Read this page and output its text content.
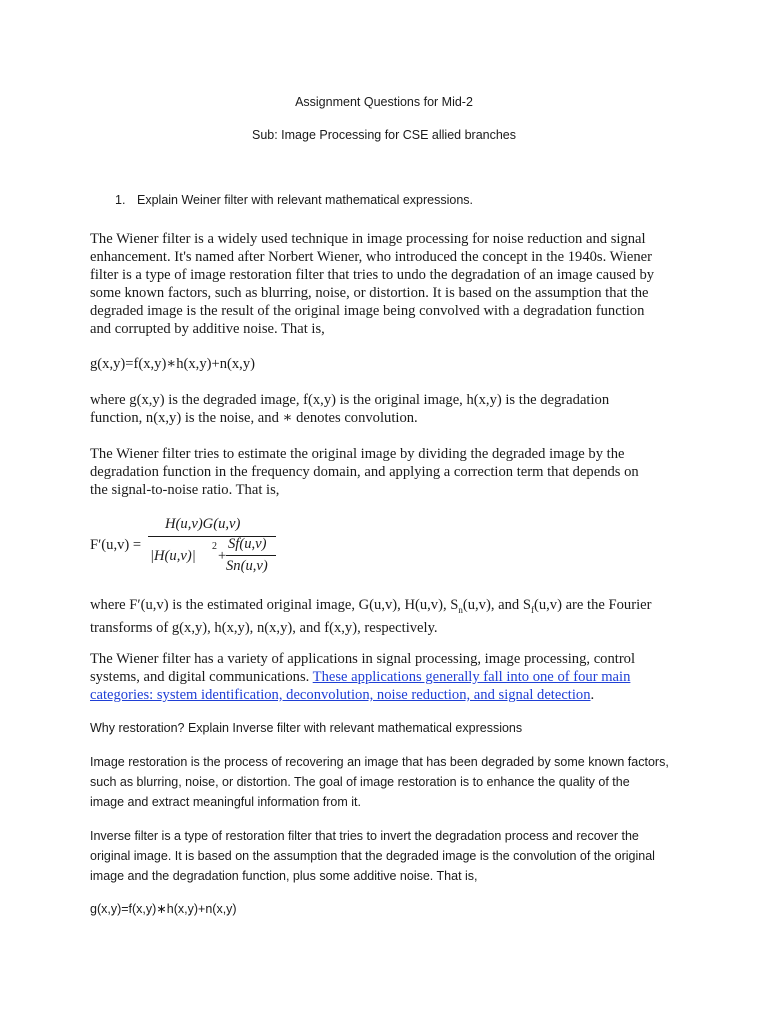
Assignment Questions for Mid-2
Sub: Image Processing for CSE allied branches
1. Explain Weiner filter with relevant mathematical expressions.
The Wiener filter is a widely used technique in image processing for noise reduction and signal
enhancement. It's named after Norbert Wiener, who introduced the concept in the 1940s. Wiener
filter is a type of image restoration filter that tries to undo the degradation of an image caused by
some known factors, such as blurring, noise, or distortion. It is based on the assumption that the
degraded image is the result of the original image being convolved with a degradation function
and corrupted by additive noise. That is,
g(x,y)=f(x,y)∗h(x,y)+n(x,y)
where g(x,y) is the degraded image, f(x,y) is the original image, h(x,y) is the degradation
function, n(x,y) is the noise, and ∗ denotes convolution.
The Wiener filter tries to estimate the original image by dividing the degraded image by the
degradation function in the frequency domain, and applying a correction term that depends on
the signal-to-noise ratio. That is,
F′(u,v) =
H(u,v)G(u,v)
|H(u,v)|
2
+
Sf(u,v)
Sn(u,v)
where F′(u,v) is the estimated original image, G(u,v), H(u,v), $S_n(u,v)$, and $S_f(u,v)$ are the Fourier
transforms of g(x,y), h(x,y), n(x,y), and f(x,y), respectively.
The Wiener filter has a variety of applications in signal processing, image processing, control
systems, and digital communications. These applications generally fall into one of four main
categories: system identification, deconvolution, noise reduction, and signal detection.
Why restoration? Explain Inverse filter with relevant mathematical expressions
Image restoration is the process of recovering an image that has been degraded by some known factors,
such as blurring, noise, or distortion. The goal of image restoration is to enhance the quality of the
image and extract meaningful information from it.
Inverse filter is a type of restoration filter that tries to invert the degradation process and recover the
original image. It is based on the assumption that the degraded image is the convolution of the original
image and the degradation function, plus some additive noise. That is,
g(x,y)=f(x,y)∗h(x,y)+n(x,y)
